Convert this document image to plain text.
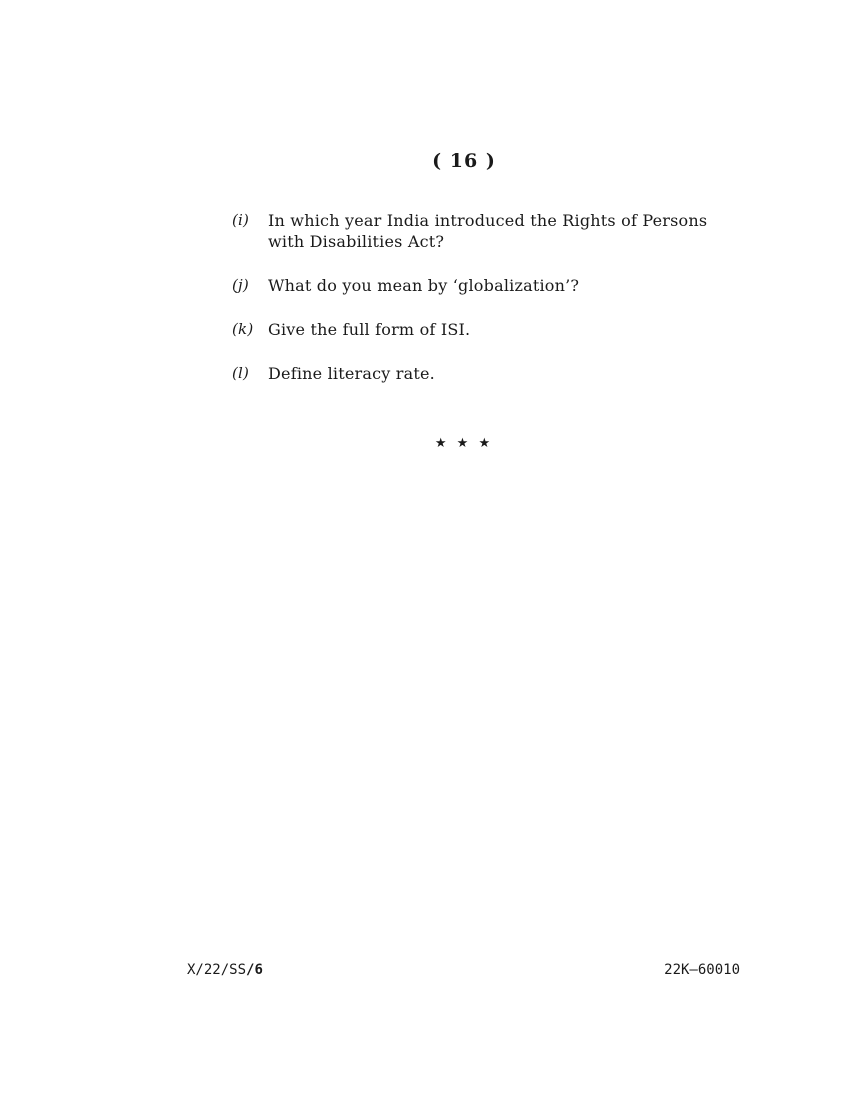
( 16 )
(i)	In which year India introduced the Rights of Persons with Disabilities Act?
(j)	What do you mean by ‘globalization’?
(k) Give the full form of ISI.
(l)	Define literacy rate.
★ ★ ★
X/22/SS/6	22K—60010
